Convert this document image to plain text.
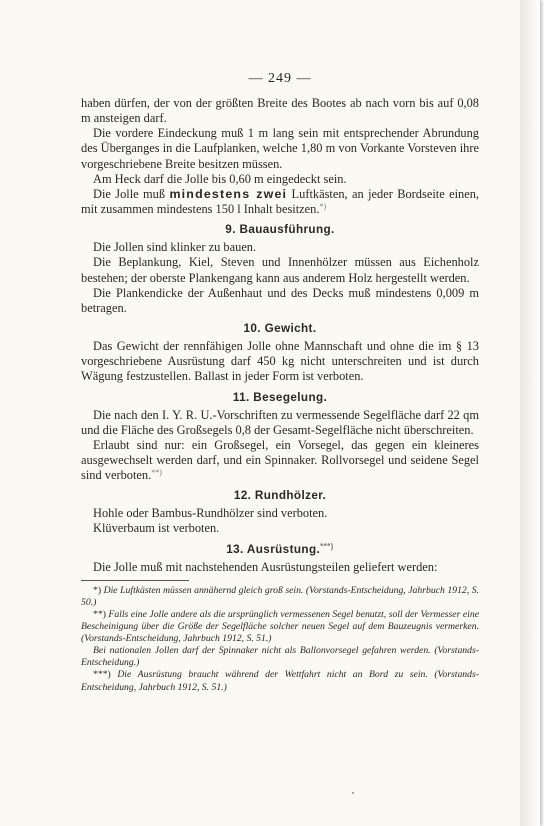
— 249 —

haben dürfen, der von der größten Breite des Bootes ab nach vorn bis auf 0,08 m ansteigen darf.

Die vordere Eindeckung muß 1 m lang sein mit entsprechender Abrundung des Überganges in die Laufplanken, welche 1,80 m von Vorkante Vorsteven ihre vorgeschriebene Breite besitzen müssen.

Am Heck darf die Jolle bis 0,60 m eingedeckt sein.

Die Jolle muß mindestens zwei Luftkästen, an jeder Bordseite einen, mit zusammen mindestens 150 l Inhalt besitzen.*)

9. Bauausführung.

Die Jollen sind klinker zu bauen.

Die Beplankung, Kiel, Steven und Innenhölzer müssen aus Eichenholz bestehen; der oberste Plankengang kann aus anderem Holz hergestellt werden.

Die Plankendicke der Außenhaut und des Decks muß mindestens 0,009 m betragen.

10. Gewicht.

Das Gewicht der rennfähigen Jolle ohne Mannschaft und ohne die im § 13 vorgeschriebene Ausrüstung darf 450 kg nicht unterschreiten und ist durch Wägung festzustellen. Ballast in jeder Form ist verboten.

11. Besegelung.

Die nach den I. Y. R. U.-Vorschriften zu vermessende Segelfläche darf 22 qm und die Fläche des Großsegels 0,8 der Gesamt-Segelfläche nicht überschreiten.

Erlaubt sind nur: ein Großsegel, ein Vorsegel, das gegen ein kleineres ausgewechselt werden darf, und ein Spinnaker. Rollvorsegel und seidene Segel sind verboten.**)

12. Rundhölzer.

Hohle oder Bambus-Rundhölzer sind verboten.

Klüverbaum ist verboten.

13. Ausrüstung.***)

Die Jolle muß mit nachstehenden Ausrüstungsteilen geliefert werden:

*) Die Luftkästen müssen annähernd gleich groß sein. (Vorstands-Entscheidung, Jahrbuch 1912, S. 50.)

**) Falls eine Jolle andere als die ursprünglich vermessenen Segel benutzt, soll der Vermesser eine Bescheinigung über die Größe der Segelfläche solcher neuen Segel auf dem Bauzeugnis vermerken. (Vorstands-Entscheidung, Jahrbuch 1912, S. 51.)

Bei nationalen Jollen darf der Spinnaker nicht als Ballonvorsegel gefahren werden. (Vorstands-Entscheidung.)

***) Die Ausrüstung braucht während der Wettfahrt nicht an Bord zu sein. (Vorstands-Entscheidung, Jahrbuch 1912, S. 51.)
